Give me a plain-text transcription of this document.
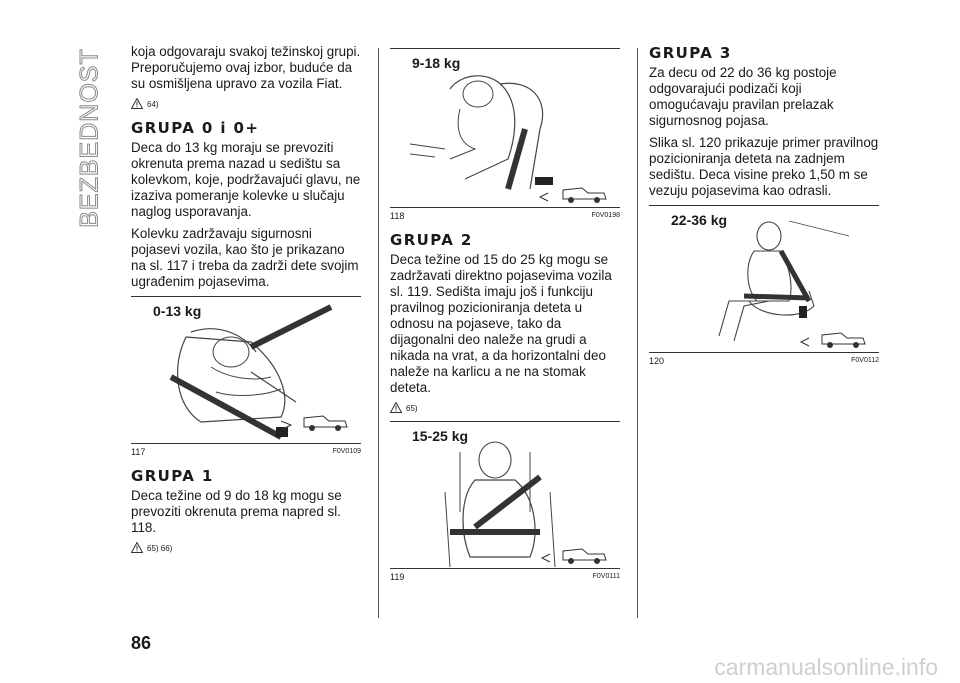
BEZBEDNOST koja odgovaraju svakoj težinskoj grupi. Preporučujemo ovaj izbor, buduće da su osmišljena upravo za vozila Fiat.

64)
GRUPA 0 i 0+

Deca do 13 kg moraju se prevoziti okrenuta prema nazad u sedištu sa kolevkom, koje, podržavajući glavu, ne izaziva pomeranje kolevke u slučaju naglog usporavanja.

Kolevku zadržavaju sigurnosni pojasevi vozila, kao što je prikazano na sl. 117 i treba da zadrži dete svojim ugrađenim pojasevima.

0-13 kg
117	F0V0109
GRUPA 1

Deca težine od 9 do 18 kg mogu se prevoziti okrenuta prema napred sl. 118.

65) 66)
9-18 kg
118	F0V0198
GRUPA 2

Deca težine od 15 do 25 kg mogu se zadržavati direktno pojasevima vozila sl. 119. Sedišta imaju još i funkciju pravilnog pozicioniranja deteta u odnosu na pojaseve, tako da dijagonalni deo naleže na grudi a nikada na vrat, a da horizontalni deo naleže na karlicu a ne na stomak deteta.

65)
15-25 kg
119	F0V0111
GRUPA 3

Za decu od 22 do 36 kg postoje odgovarajući podizači koji omogućavaju pravilan prelazak sigurnosnog pojasa.

Slika sl. 120 prikazuje primer pravilnog pozicioniranja deteta na zadnjem sedištu. Deca visine preko 1,50 m se vezuju pojasevima kao odrasli.

22-36 kg
120	F0V0112
86
carmanualsonline.info
